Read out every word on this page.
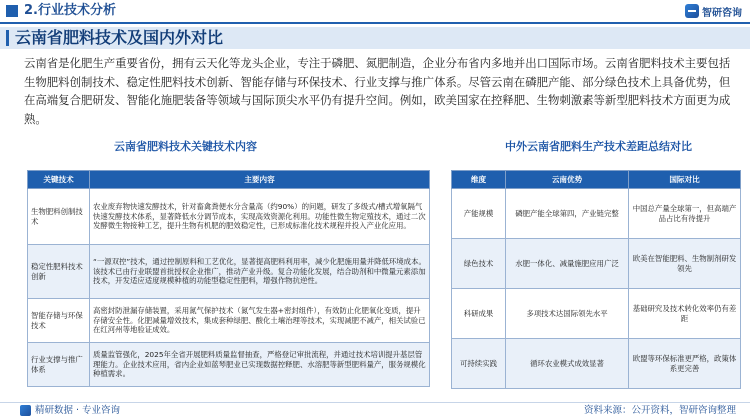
2.行业技术分析	智研咨询
云南省肥料技术及国内外对比

云南省是化肥生产重要省份，拥有云天化等龙头企业，专注于磷肥、氮肥制造，企业分布省内多地并出口国际市场。云南省肥料技术主要包括生物肥料创制技术、稳定性肥料技术创新、智能存储与环保技术、行业支撑与推广体系。尽管云南在磷肥产能、部分绿色技术上具备优势，但在高端复合肥研发、智能化施肥装备等领域与国际顶尖水平仍有提升空间。例如，欧美国家在控释肥、生物刺激素等新型肥料技术方面更为成熟。

云南省肥料技术关键技术内容	中外云南省肥料生产技术差距总结对比
关键技术	主要内容
生物肥料创制技术	农业废弃物快速发酵技术，针对畜禽粪便水分含量高（约90%）的问题，研发了多级式/槽式增氧隔气快速发酵技术体系，显著降低水分调节成本，实现高效资源化利用。功能性微生物定殖技术，通过二次发酵微生物接种工艺，提升生物有机肥的肥效稳定性，已形成标准化技术规程并投入产业化应用。
稳定性肥料技术创新	“一源双控”技术，通过控制原料和工艺优化，显著提高肥料利用率，减少化肥施用量并降低环境成本。该技术已由行业联盟首批授权企业推广，推动产业升级。复合功能化发展，结合助剂和中微量元素添加技术，开发适应适度规模种植的功能型稳定性肥料，增强作物抗逆性。
智能存储与环保技术	高密封防泄漏存储装置，采用氮气保护技术（氮气发生器+密封组件），有效防止化肥氧化变质，提升存储安全性。化肥减量增效技术，集成套种绿肥、酸化土壤治理等技术，实现减肥不减产，相关试验已在红河州等地验证成效。
行业支撑与推广体系	质量监管强化，2025年全省开展肥料质量监督抽查，严格登记审批流程，并通过技术培训提升基层管理能力。企业技术应用，省内企业如蓝琴肥业已实现数据控释肥、水溶肥等新型肥料量产，服务规模化种植需求。
维度	云南优势	国际对比
产能规模	磷肥产能全球第四，产业链完整	中国总产量全球第一，但高端产品占比有待提升
绿色技术	水肥一体化、减量施肥应用广泛	欧美在智能肥料、生物制剂研发领先
科研成果	多项技术达国际领先水平	基础研究及技术转化效率仍有差距
可持续实践	循环农业模式成效显著	欧盟等环保标准更严格，政策体系更完善
精研数据 · 专业咨询	资料来源：公开资料，智研咨询整理
